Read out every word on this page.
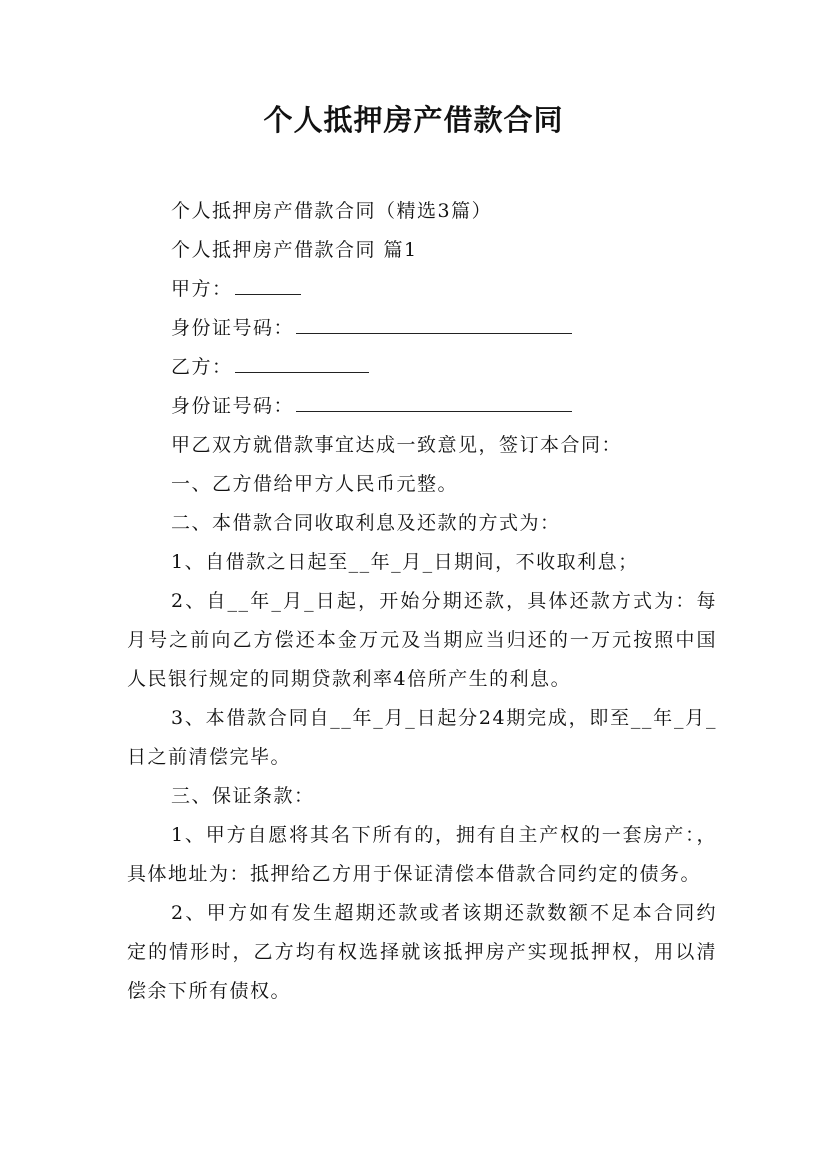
个人抵押房产借款合同

个人抵押房产借款合同（精选3篇）

个人抵押房产借款合同 篇1

甲方：

身份证号码：

乙方：

身份证号码：

甲乙双方就借款事宜达成一致意见，签订本合同：

一、乙方借给甲方人民币元整。

二、本借款合同收取利息及还款的方式为：

1、自借款之日起至__年_月_日期间，不收取利息；

2、自__年_月_日起，开始分期还款，具体还款方式为：每月号之前向乙方偿还本金万元及当期应当归还的一万元按照中国人民银行规定的同期贷款利率4倍所产生的利息。

3、本借款合同自__年_月_日起分24期完成，即至__年_月_日之前清偿完毕。

三、保证条款：

1、甲方自愿将其名下所有的，拥有自主产权的一套房产：，具体地址为：抵押给乙方用于保证清偿本借款合同约定的债务。

2、甲方如有发生超期还款或者该期还款数额不足本合同约定的情形时，乙方均有权选择就该抵押房产实现抵押权，用以清偿余下所有债权。
